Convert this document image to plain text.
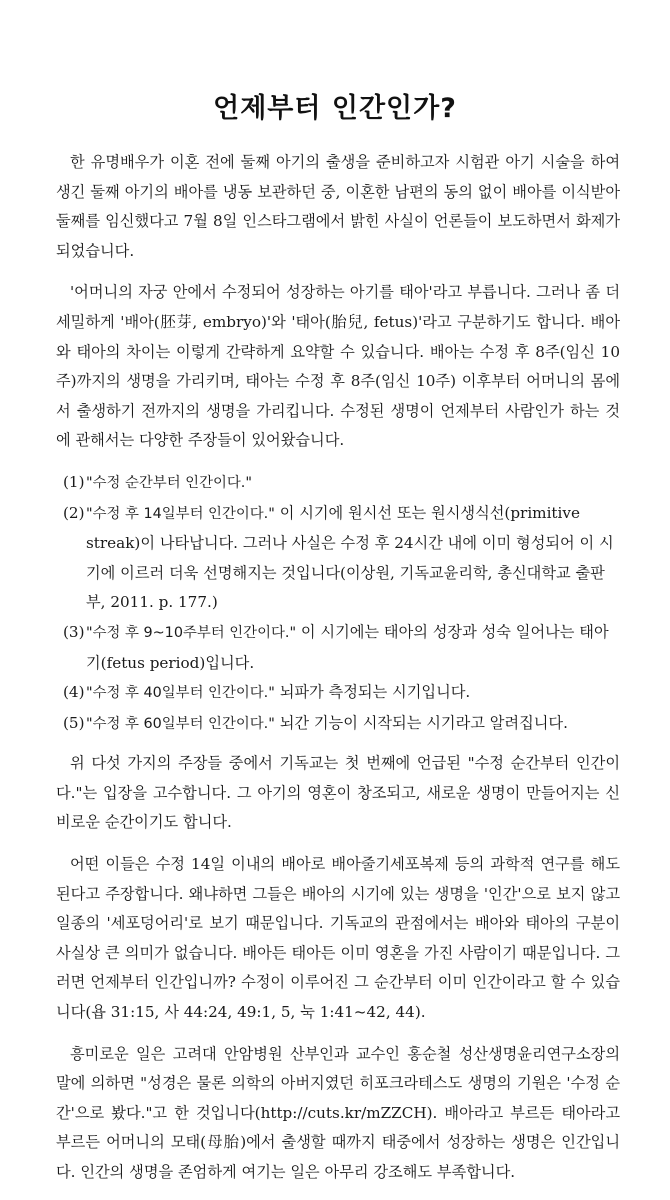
언제부터 인간인가?

한 유명배우가 이혼 전에 둘째 아기의 출생을 준비하고자 시험관 아기 시술을 하여 생긴 둘째 아기의 배아를 냉동 보관하던 중, 이혼한 남편의 동의 없이 배아를 이식받아 둘째를 임신했다고 7월 8일 인스타그램에서 밝힌 사실이 언론들이 보도하면서 화제가 되었습니다.

'어머니의 자궁 안에서 수정되어 성장하는 아기를 태아'라고 부릅니다. 그러나 좀 더 세밀하게 '배아(胚芽, embryo)'와 '태아(胎兒, fetus)'라고 구분하기도 합니다. 배아와 태아의 차이는 이렇게 간략하게 요약할 수 있습니다. 배아는 수정 후 8주(임신 10주)까지의 생명을 가리키며, 태아는 수정 후 8주(임신 10주) 이후부터 어머니의 몸에서 출생하기 전까지의 생명을 가리킵니다. 수정된 생명이 언제부터 사람인가 하는 것에 관해서는 다양한 주장들이 있어왔습니다.

(1) "수정 순간부터 인간이다."
(2) "수정 후 14일부터 인간이다." 이 시기에 원시선 또는 원시생식선(primitive streak)이 나타납니다. 그러나 사실은 수정 후 24시간 내에 이미 형성되어 이 시기에 이르러 더욱 선명해지는 것입니다(이상원, 기독교윤리학, 총신대학교 출판부, 2011. p. 177.)
(3) "수정 후 9~10주부터 인간이다." 이 시기에는 태아의 성장과 성숙 일어나는 태아기(fetus period)입니다.
(4) "수정 후 40일부터 인간이다." 뇌파가 측정되는 시기입니다.
(5) "수정 후 60일부터 인간이다." 뇌간 기능이 시작되는 시기라고 알려집니다.

위 다섯 가지의 주장들 중에서 기독교는 첫 번째에 언급된 "수정 순간부터 인간이다."는 입장을 고수합니다. 그 아기의 영혼이 창조되고, 새로운 생명이 만들어지는 신비로운 순간이기도 합니다.

어떤 이들은 수정 14일 이내의 배아로 배아줄기세포복제 등의 과학적 연구를 해도 된다고 주장합니다. 왜냐하면 그들은 배아의 시기에 있는 생명을 '인간'으로 보지 않고 일종의 '세포덩어리'로 보기 때문입니다. 기독교의 관점에서는 배아와 태아의 구분이 사실상 큰 의미가 없습니다. 배아든 태아든 이미 영혼을 가진 사람이기 때문입니다. 그러면 언제부터 인간입니까? 수정이 이루어진 그 순간부터 이미 인간이라고 할 수 있습니다(욥 31:15, 사 44:24, 49:1, 5, 눅 1:41~42, 44).

흥미로운 일은 고려대 안암병원 산부인과 교수인 홍순철 성산생명윤리연구소장의 말에 의하면 "성경은 물론 의학의 아버지였던 히포크라테스도 생명의 기원은 '수정 순간'으로 봤다."고 한 것입니다(http://cuts.kr/mZZCH). 배아라고 부르든 태아라고 부르든 어머니의 모태(母胎)에서 출생할 때까지 태중에서 성장하는 생명은 인간입니다. 인간의 생명을 존엄하게 여기는 일은 아무리 강조해도 부족합니다.
